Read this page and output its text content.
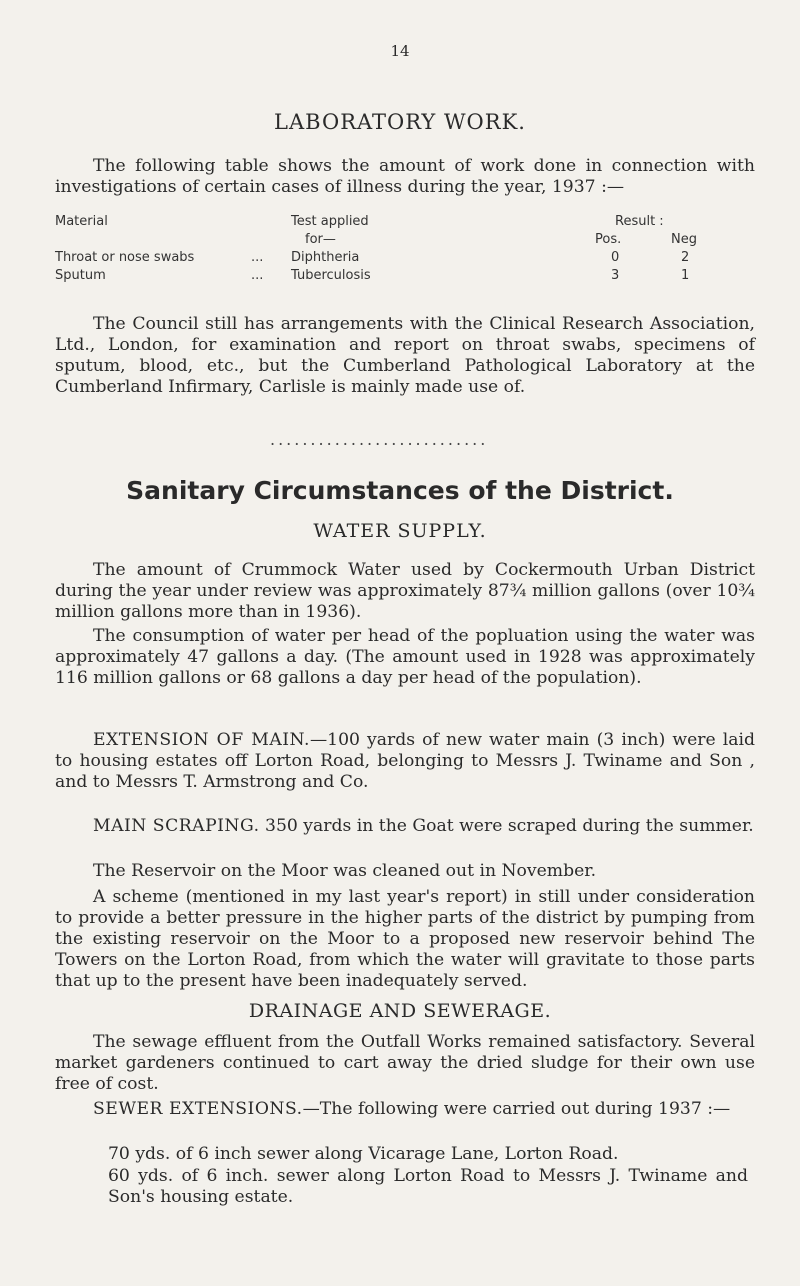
14
LABORATORY WORK.

The following table shows the amount of work done in connection with investigations of certain cases of illness during the year, 1937 :—

Material	Test applied
for—
Result :
Pos.	Neg
Throat or nose swabs	... Diphtheria	0	2
Sputum	... Tuberculosis	3	1

The Council still has arrangements with the Clinical Research Association, Ltd., London, for examination and report on throat swabs, specimens of sputum, blood, etc., but the Cumberland Pathological Laboratory at the Cumberland Infirmary, Carlisle is mainly made use of.

...........................
Sanitary Circumstances of the District.
WATER SUPPLY.

The amount of Crummock Water used by Cockermouth Urban District during the year under review was approximately 87¾ million gallons (over 10¾ million gallons more than in 1936).

The consumption of water per head of the popluation using the water was approximately 47 gallons a day. (The amount used in 1928 was approximately 116 million gallons or 68 gallons a day per head of the population).

EXTENSION OF MAIN.—100 yards of new water main (3 inch) were laid to housing estates off Lorton Road, belonging to Messrs J. Twiname and Son , and to Messrs T. Armstrong and Co.

MAIN SCRAPING. 350 yards in the Goat were scraped during the summer.

The Reservoir on the Moor was cleaned out in November.

A scheme (mentioned in my last year's report) in still under consideration to provide a better pressure in the higher parts of the district by pumping from the existing reservoir on the Moor to a proposed new reservoir behind The Towers on the Lorton Road, from which the water will gravitate to those parts that up to the present have been inadequately served.

DRAINAGE AND SEWERAGE.

The sewage effluent from the Outfall Works remained satisfactory. Several market gardeners continued to cart away the dried sludge for their own use free of cost.

SEWER EXTENSIONS.—The following were carried out during 1937 :—

70 yds. of 6 inch sewer along Vicarage Lane, Lorton Road.

60 yds. of 6 inch. sewer along Lorton Road to Messrs J. Twiname and Son's housing estate.
